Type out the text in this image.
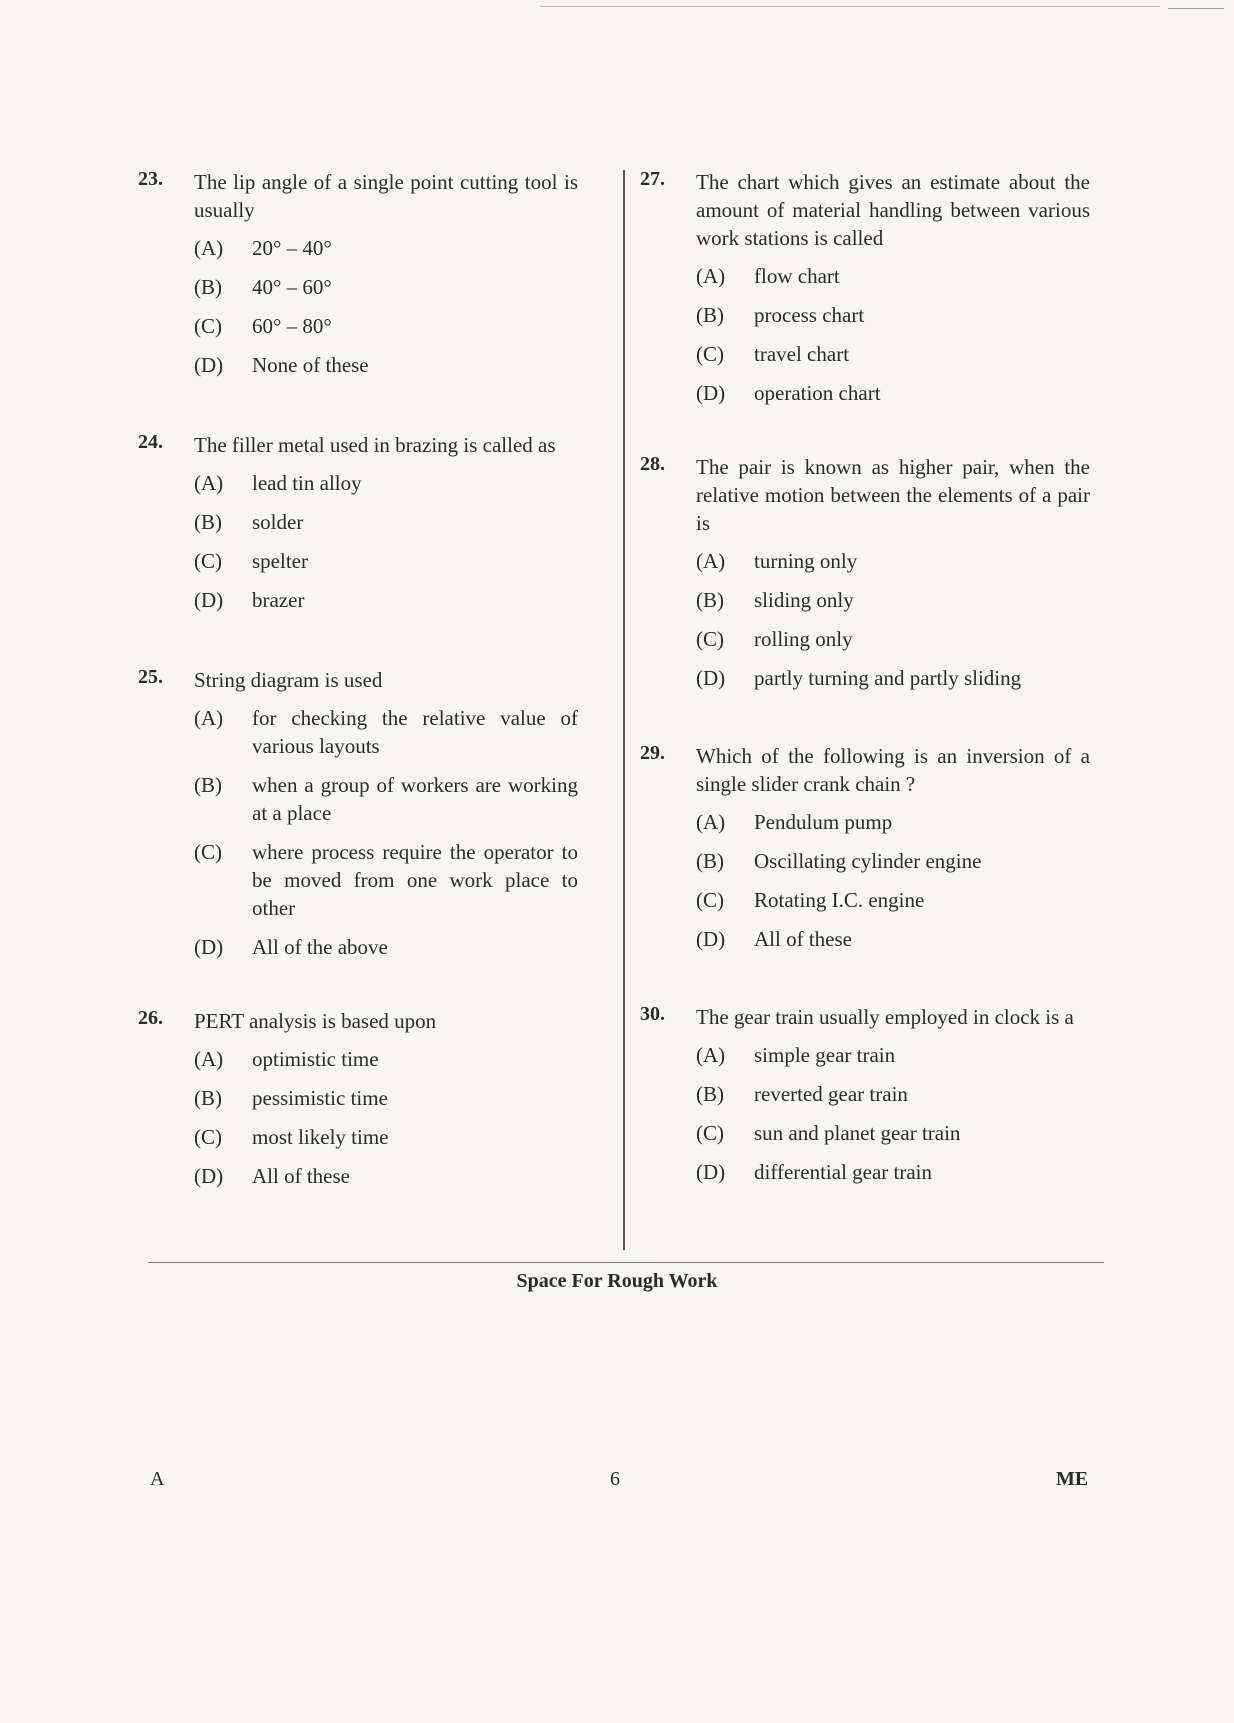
23.	The lip angle of a single point cutting tool is usually
(A)	20° – 40°
(B)	40° – 60°
(C)	60° – 80°
(D)	None of these
24.	The filler metal used in brazing is called as
(A)	lead tin alloy
(B)	solder
(C)	spelter
(D)	brazer
25.	String diagram is used
(A)	for checking the relative value of various layouts
(B)	when a group of workers are working at a place
(C)	where process require the operator to be moved from one work place to other
(D)	All of the above
26.	PERT analysis is based upon
(A)	optimistic time
(B)	pessimistic time
(C)	most likely time
(D)	All of these
27.	The chart which gives an estimate about the amount of material handling between various work stations is called
(A)	flow chart
(B)	process chart
(C)	travel chart
(D)	operation chart
28.	The pair is known as higher pair, when the relative motion between the elements of a pair is
(A)	turning only
(B)	sliding only
(C)	rolling only
(D)	partly turning and partly sliding
29.	Which of the following is an inversion of a single slider crank chain ?
(A)	Pendulum pump
(B)	Oscillating cylinder engine
(C)	Rotating I.C. engine
(D)	All of these
30.	The gear train usually employed in clock is a
(A)	simple gear train
(B)	reverted gear train
(C)	sun and planet gear train
(D)	differential gear train
Space For Rough Work
A	6	ME
